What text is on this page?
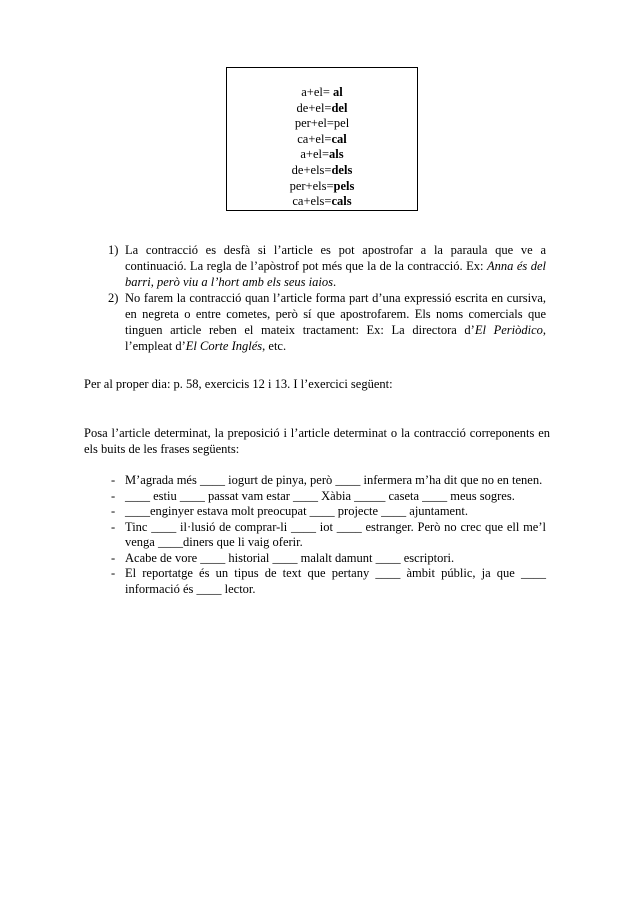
a+el= al
de+el=del
per+el=pel
ca+el=cal
a+el=als
de+els=dels
per+els=pels
ca+els=cals
1) La contracció es desfà si l’article es pot apostrofar a la paraula que ve a continuació. La regla de l’apòstrof pot més que la de la contracció. Ex: Anna és del barri, però viu a l’hort amb els seus iaios.
2) No farem la contracció quan l’article forma part d’una expressió escrita en cursiva, en negreta o entre cometes, però sí que apostrofarem. Els noms comercials que tinguen article reben el mateix tractament: Ex: La directora d’El Periòdico, l’empleat d’El Corte Inglés, etc.
Per al proper dia: p. 58, exercicis 12 i 13. I l’exercici següent:
Posa l’article determinat, la preposició i l’article determinat o la contracció correponents en els buits de les frases següents:
- M’agrada més ____ iogurt de pinya, però ____ infermera m’ha dit que no en tenen.
- ____ estiu ____ passat vam estar ____ Xàbia _____ caseta ____ meus sogres.
- ____enginyer estava molt preocupat ____ projecte ____ ajuntament.
- Tinc ____ il·lusió de comprar-li ____ iot ____ estranger. Però no crec que ell me’l venga ____diners que li vaig oferir.
- Acabe de vore ____ historial ____ malalt damunt ____ escriptori.
- El reportatge és un tipus de text que pertany ____ àmbit públic, ja que ____ informació és ____ lector.
